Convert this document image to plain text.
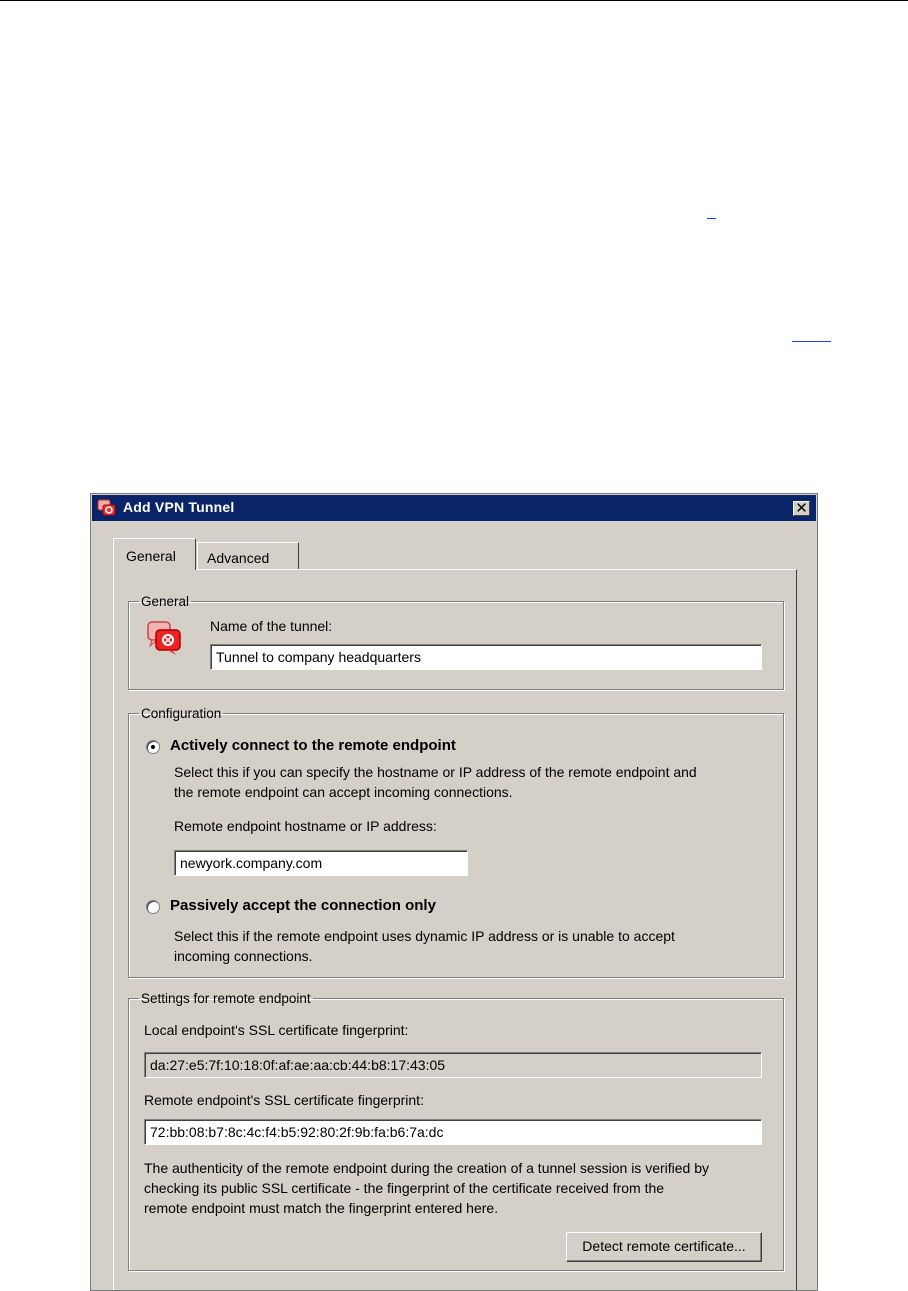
Add VPN Tunnel	✕
General	Advanced
General
Name of the tunnel:
Tunnel to company headquarters
Configuration
Actively connect to the remote endpoint
Select this if you can specify the hostname or IP address of the remote endpoint and
the remote endpoint can accept incoming connections.
Remote endpoint hostname or IP address:
newyork.company.com
Passively accept the connection only
Select this if the remote endpoint uses dynamic IP address or is unable to accept
incoming connections.
Settings for remote endpoint
Local endpoint's SSL certificate fingerprint:
da:27:e5:7f:10:18:0f:af:ae:aa:cb:44:b8:17:43:05
Remote endpoint's SSL certificate fingerprint:
72:bb:08:b7:8c:4c:f4:b5:92:80:2f:9b:fa:b6:7a:dc
The authenticity of the remote endpoint during the creation of a tunnel session is verified by
checking its public SSL certificate - the fingerprint of the certificate received from the
remote endpoint must match the fingerprint entered here.
Detect remote certificate...
